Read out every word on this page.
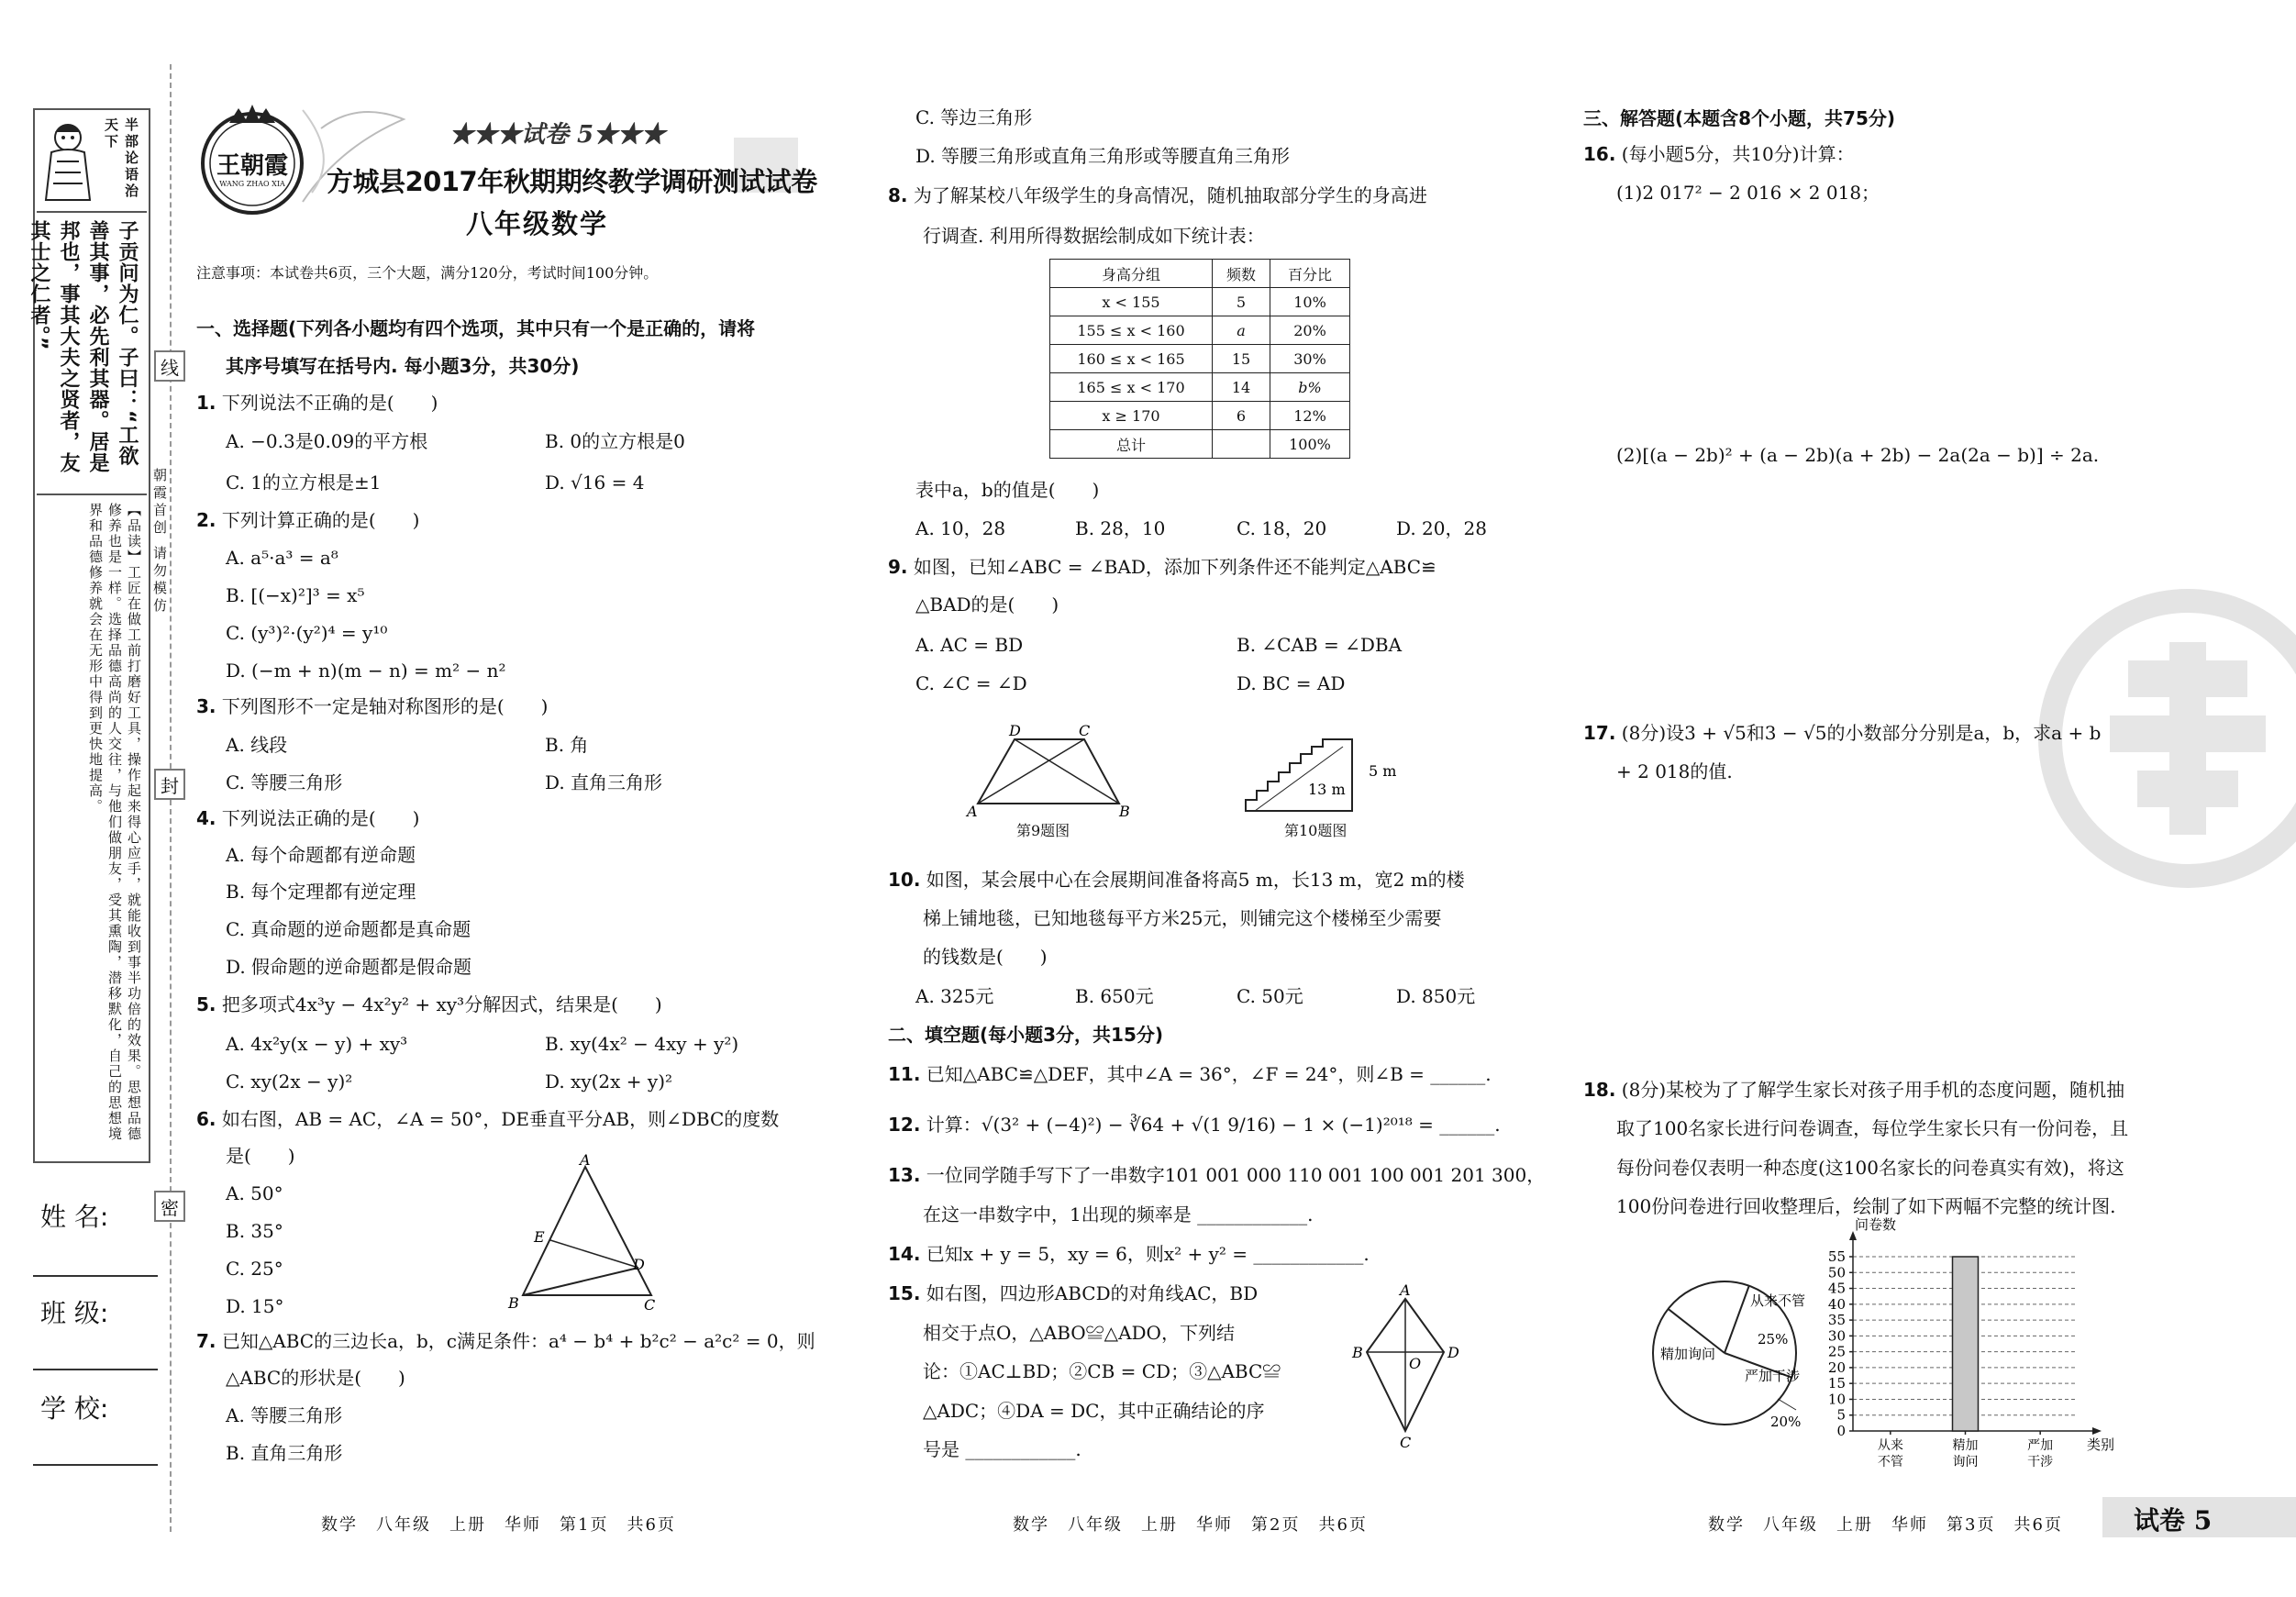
半部论语治天下
子贡问为仁。子曰：“工欲善其事，必先利其器。居是邦也，事其大夫之贤者，友其士之仁者。”
【品读】工匠在做工前打磨好工具，操作起来得心应手，就能收到事半功倍的效果。思想品德修养也是一样。选择品德高尚的人交往，与他们做朋友，受其熏陶，潜移默化，自己的思想境界和品德修养就会在无形中得到更快地提高。
姓 名:
班 级:
学 校:
线
朝霞首创 请勿模仿
封
密
王朝霞
WANG ZHAO XIA
★★★试卷 5★★★
方城县2017年秋期期终教学调研测试试卷
八年级数学
注意事项：本试卷共6页，三个大题，满分120分，考试时间100分钟。
一、选择题(下列各小题均有四个选项，其中只有一个是正确的，请将
其序号填写在括号内. 每小题3分，共30分)
1. 下列说法不正确的是(　　)
A. −0.3是0.09的平方根	B. 0的立方根是0
C. 1的立方根是±1	D. √16 = 4
2. 下列计算正确的是(　　)
A. a⁵·a³ = a⁸
B. [(−x)²]³ = x⁵
C. (y³)²·(y²)⁴ = y¹⁰
D. (−m + n)(m − n) = m² − n²
3. 下列图形不一定是轴对称图形的是(　　)
A. 线段	B. 角
C. 等腰三角形	D. 直角三角形
4. 下列说法正确的是(　　)
A. 每个命题都有逆命题
B. 每个定理都有逆定理
C. 真命题的逆命题都是真命题
D. 假命题的逆命题都是假命题
5. 把多项式4x³y − 4x²y² + xy³分解因式，结果是(　　)
A. 4x²y(x − y) + xy³	B. xy(4x² − 4xy + y²)
C. xy(2x − y)²	D. xy(2x + y)²
6. 如右图，AB = AC，∠A = 50°，DE垂直平分AB，则∠DBC的度数
是(　　)
A. 50°
B. 35°
C. 25°
D. 15°
A
B	C
D
E
7. 已知△ABC的三边长a，b，c满足条件：a⁴ − b⁴ + b²c² − a²c² = 0，则
△ABC的形状是(　　)
A. 等腰三角形
B. 直角三角形
数学　八年级　上册　华师　第1页　共6页
C. 等边三角形
D. 等腰三角形或直角三角形或等腰直角三角形
8. 为了解某校八年级学生的身高情况，随机抽取部分学生的身高进
行调查. 利用所得数据绘制成如下统计表：
身高分组	频数	百分比
x < 155	5	10%
155 ≤ x < 160	a	20%
160 ≤ x < 165	15	30%
165 ≤ x < 170	14	b%
x ≥ 170	6	12%
总计		100%
表中a，b的值是(　　)
A. 10，28	B. 28，10	C. 18，20	D. 20，28
9. 如图，已知∠ABC = ∠BAD，添加下列条件还不能判定△ABC≌
△BAD的是(　　)
A. AC = BD	B. ∠CAB = ∠DBA
C. ∠C = ∠D	D. BC = AD
A	B
C
D
第9题图
13 m
5 m
第10题图
10. 如图，某会展中心在会展期间准备将高5 m，长13 m，宽2 m的楼
梯上铺地毯，已知地毯每平方米25元，则铺完这个楼梯至少需要
的钱数是(　　)
A. 325元	B. 650元	C. 50元	D. 850元
二、填空题(每小题3分，共15分)
11. 已知△ABC≌△DEF，其中∠A = 36°，∠F = 24°，则∠B = ______.
12. 计算：√(3² + (−4)²) − ∛64 + √(1 9/16) − 1 × (−1)²⁰¹⁸ = ______.
13. 一位同学随手写下了一串数字101 001 000 110 001 100 001 201 300，
在这一串数字中，1出现的频率是 ____________.
14. 已知x + y = 5，xy = 6，则x² + y² = ____________.
15. 如右图，四边形ABCD的对角线AC，BD
相交于点O，△ABO≌△ADO，下列结
论：①AC⊥BD；②CB = CD；③△ABC≌
△ADC；④DA = DC，其中正确结论的序
号是 ____________.
A
B
C
D
O
数学　八年级　上册　华师　第2页　共6页
三、解答题(本题含8个小题，共75分)
16. (每小题5分，共10分)计算：
(1)2 017² − 2 016 × 2 018；
(2)[(a − 2b)² + (a − 2b)(a + 2b) − 2a(2a − b)] ÷ 2a.
17. (8分)设3 + √5和3 − √5的小数部分分别是a，b，求a + b
+ 2 018的值.
18. (8分)某校为了了解学生家长对孩子用手机的态度问题，随机抽
取了100名家长进行问卷调查，每位学生家长只有一份问卷，且
每份问卷仅表明一种态度(这100名家长的问卷真实有效)，将这
100份问卷进行回收整理后，绘制了如下两幅不完整的统计图.
从来不管
25%
精加询问
严加干涉
20%
0
5
10
15
20
25
30
35
40
45
50
55
问卷数
类别
从来
不管
精加
询问
严加
干涉
数学　八年级　上册　华师　第3页　共6页	试卷 5
